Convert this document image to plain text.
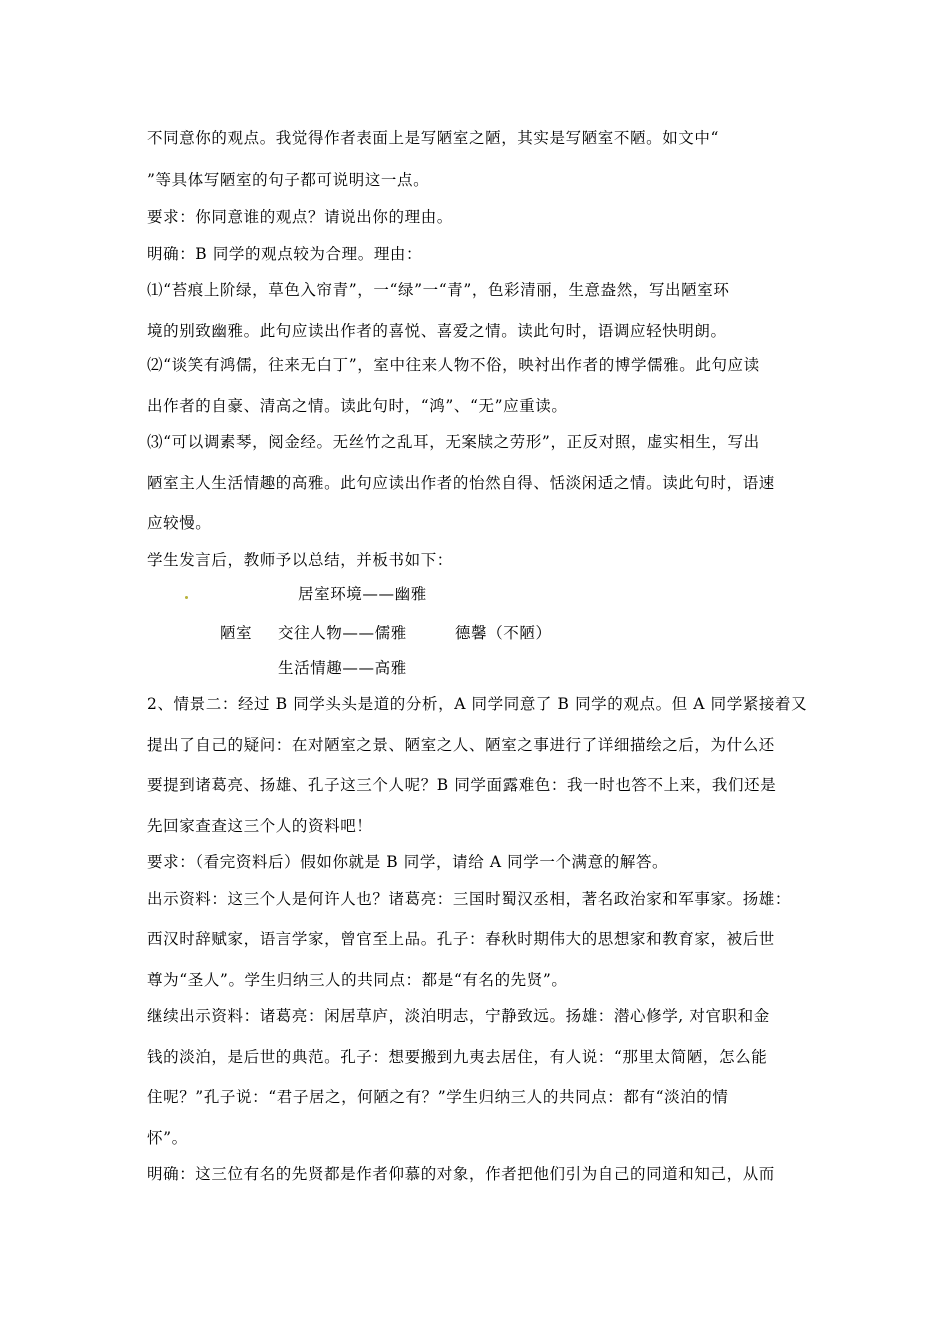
不同意你的观点。我觉得作者表面上是写陋室之陋，其实是写陋室不陋。如文中“
”等具体写陋室的句子都可说明这一点。
要求：你同意谁的观点？请说出你的理由。
明确：B 同学的观点较为合理。理由：
⑴“苔痕上阶绿，草色入帘青”，一“绿”一“青”，色彩清丽，生意盎然，写出陋室环
境的别致幽雅。此句应读出作者的喜悦、喜爱之情。读此句时，语调应轻快明朗。
⑵“谈笑有鸿儒，往来无白丁”，室中往来人物不俗，映衬出作者的博学儒雅。此句应读
出作者的自豪、清高之情。读此句时，“鸿”、“无”应重读。
⑶“可以调素琴，阅金经。无丝竹之乱耳，无案牍之劳形”，正反对照，虚实相生，写出
陋室主人生活情趣的高雅。此句应读出作者的怡然自得、恬淡闲适之情。读此句时，语速
应较慢。
学生发言后，教师予以总结，并板书如下：
居室环境——幽雅
陋室 交往人物——儒雅	德馨（不陋）
生活情趣——高雅
2、情景二：经过 B 同学头头是道的分析，A 同学同意了 B 同学的观点。但 A 同学紧接着又
提出了自己的疑问：在对陋室之景、陋室之人、陋室之事进行了详细描绘之后，为什么还
要提到诸葛亮、扬雄、孔子这三个人呢？B 同学面露难色：我一时也答不上来，我们还是
先回家查查这三个人的资料吧！
要求：（看完资料后）假如你就是 B 同学，请给 A 同学一个满意的解答。
出示资料：这三个人是何许人也？诸葛亮：三国时蜀汉丞相，著名政治家和军事家。扬雄：
西汉时辞赋家，语言学家，曾官至上品。孔子：春秋时期伟大的思想家和教育家，被后世
尊为“圣人”。学生归纳三人的共同点：都是“有名的先贤”。
继续出示资料：诸葛亮：闲居草庐，淡泊明志，宁静致远。扬雄：潜心修学, 对官职和金
钱的淡泊，是后世的典范。孔子：想要搬到九夷去居住，有人说：“那里太简陋，怎么能
住呢？”孔子说：“君子居之，何陋之有？”学生归纳三人的共同点：都有“淡泊的情
怀”。
明确：这三位有名的先贤都是作者仰慕的对象，作者把他们引为自己的同道和知己，从而
